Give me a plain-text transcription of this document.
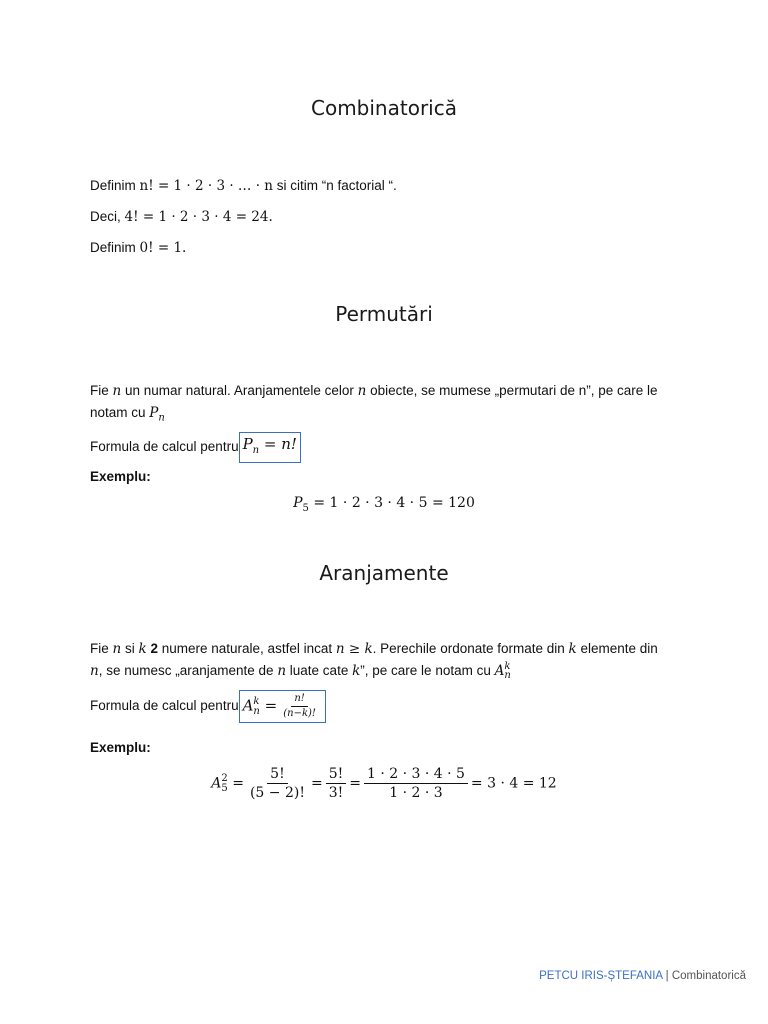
Combinatorică
Definim n! = 1 · 2 · 3 · … · n si citim “n factorial “.
Deci, 4! = 1 · 2 · 3 · 4 = 24.
Definim 0! = 1.
Permutări
Fie n un numar natural. Aranjamentele celor n obiecte, se mumese „permutari de n”, pe care le
notam cu $P_n$
Formula de calcul pentru $P_n = n$!
Exemplu:
$P_5 = 1 \cdot 2 \cdot 3 \cdot 4 \cdot 5 = 120$
Aranjamente
Fie n si k 2 numere naturale, astfel incat n ≥ k. Perechile ordonate formate din k elemente din
n, se numesc „aranjamente de n luate cate k”, pe care le notam cu A k
n
Formula de calcul pentru A k
$n = \frac{n!}{(n-k)!}$
Exemplu:
A 2
$5 = \frac{5!}{(5 - 2)!} = \frac{5!}{3!} = \frac{1 \cdot 2 \cdot 3 \cdot 4 \cdot 5}{1 \cdot 2 \cdot 3} = 3 \cdot 4 = 12$
PETCU IRIS-ȘTEFANIA | Combinatorică
